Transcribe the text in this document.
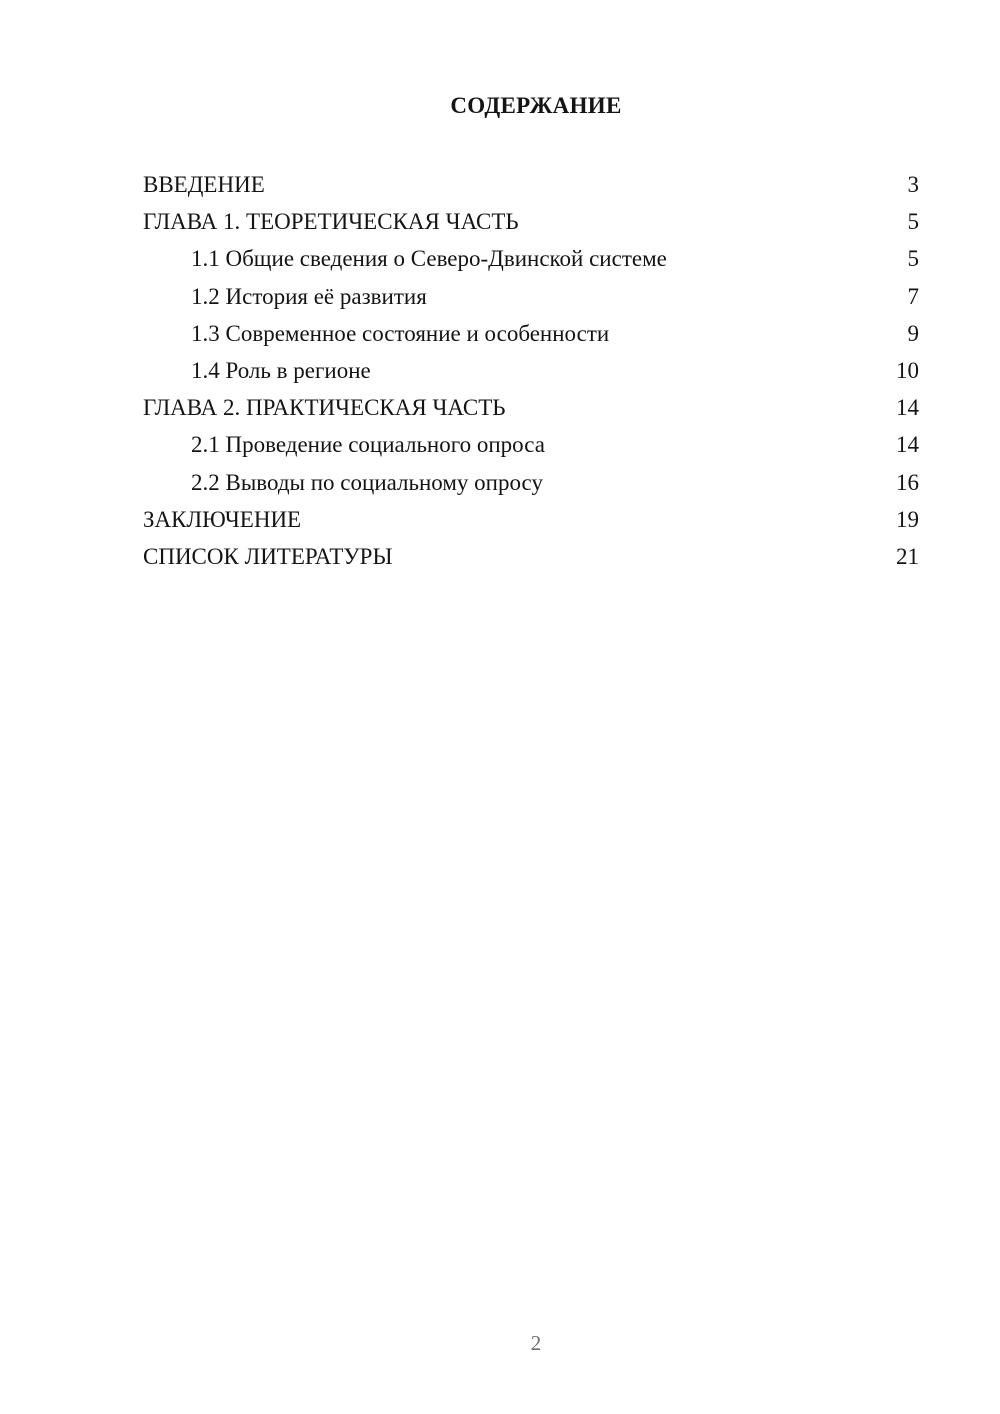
СОДЕРЖАНИЕ
ВВЕДЕНИЕ	3
ГЛАВА 1. ТЕОРЕТИЧЕСКАЯ ЧАСТЬ	5
1.1 Общие сведения о Северо-Двинской системе	5
1.2 История её развития	7
1.3 Современное состояние и особенности	9
1.4 Роль в регионе	10
ГЛАВА 2. ПРАКТИЧЕСКАЯ ЧАСТЬ	14
2.1 Проведение социального опроса	14
2.2 Выводы по социальному опросу	16
ЗАКЛЮЧЕНИЕ	19
СПИСОК ЛИТЕРАТУРЫ	21
2
